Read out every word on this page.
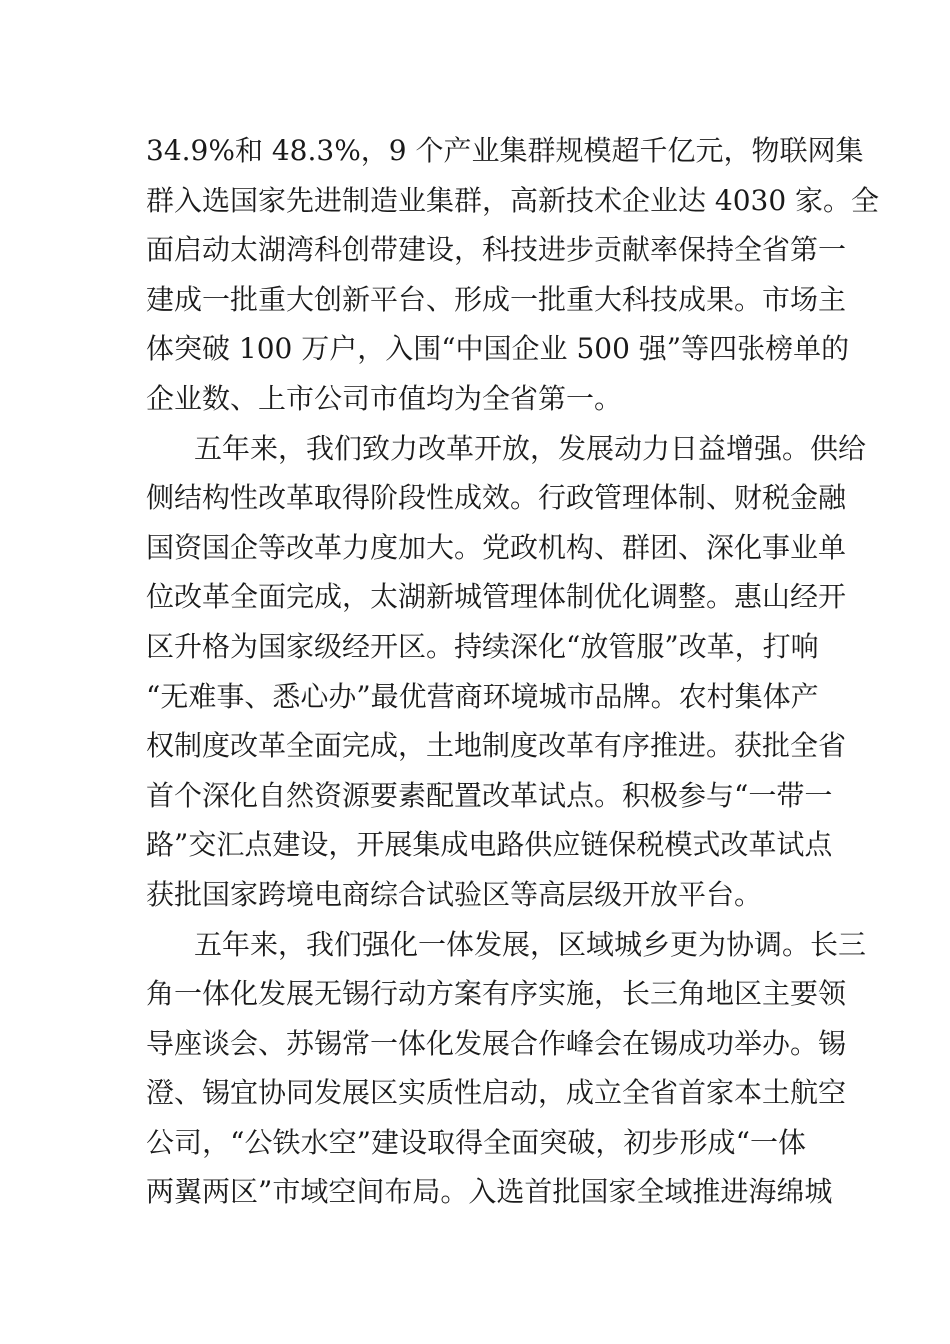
34.9%和 48.3%，9 个产业集群规模超千亿元，物联网集
群入选国家先进制造业集群，高新技术企业达 4030 家。全
面启动太湖湾科创带建设，科技进步贡献率保持全省第一
建成一批重大创新平台、形成一批重大科技成果。市场主
体突破 100 万户，入围“中国企业 500 强”等四张榜单的
企业数、上市公司市值均为全省第一。
五年来，我们致力改革开放，发展动力日益增强。供给
侧结构性改革取得阶段性成效。行政管理体制、财税金融
国资国企等改革力度加大。党政机构、群团、深化事业单
位改革全面完成，太湖新城管理体制优化调整。惠山经开
区升格为国家级经开区。持续深化“放管服”改革，打响
“无难事、悉心办”最优营商环境城市品牌。农村集体产
权制度改革全面完成，土地制度改革有序推进。获批全省
首个深化自然资源要素配置改革试点。积极参与“一带一
路”交汇点建设，开展集成电路供应链保税模式改革试点
获批国家跨境电商综合试验区等高层级开放平台。
五年来，我们强化一体发展，区域城乡更为协调。长三
角一体化发展无锡行动方案有序实施，长三角地区主要领
导座谈会、苏锡常一体化发展合作峰会在锡成功举办。锡
澄、锡宜协同发展区实质性启动，成立全省首家本土航空
公司，“公铁水空”建设取得全面突破，初步形成“一体
两翼两区”市域空间布局。入选首批国家全域推进海绵城
